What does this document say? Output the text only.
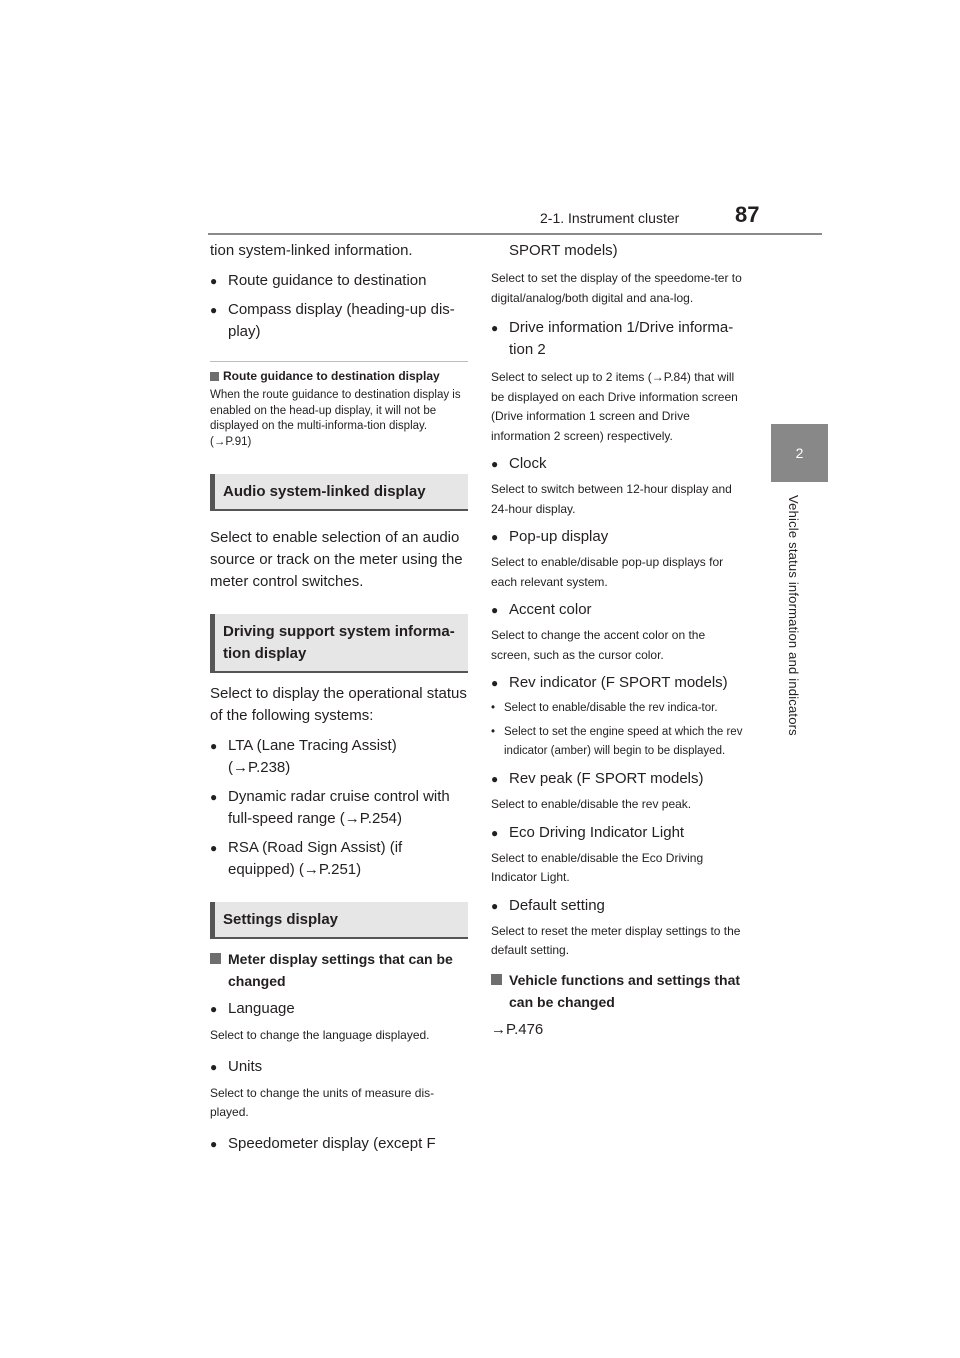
2-1. Instrument cluster	87
2
Vehicle status information and indicators

tion system-linked information.

● Route guidance to destination
● Compass display (heading-up dis-
play)
Route guidance to destination display

When the route guidance to destination display is enabled on the head-up display, it will not be displayed on the multi-informa-tion display. (→P.91)

Audio system-linked display

Select to enable selection of an audio source or track on the meter using the meter control switches.

Driving support system informa-
tion display

Select to display the operational status of the following systems:

● LTA (Lane Tracing Assist)
(→P.238)
● Dynamic radar cruise control with full-speed range (→P.254)
● RSA (Road Sign Assist) (if equipped) (→P.251)
Settings display
Meter display settings that can be changed
● Language

Select to change the language displayed.

● Units

Select to change the units of measure dis-played.

● Speedometer display (except F
SPORT models)

Select to set the display of the speedome-ter to digital/analog/both digital and ana-log.

● Drive information 1/Drive informa-tion 2

Select to select up to 2 items (→P.84) that will be displayed on each Drive information screen (Drive information 1 screen and Drive information 2 screen) respectively.

● Clock

Select to switch between 12-hour display and 24-hour display.

● Pop-up display

Select to enable/disable pop-up displays for each relevant system.

● Accent color

Select to change the accent color on the screen, such as the cursor color.

● Rev indicator (F SPORT models)
• Select to enable/disable the rev indica-tor.
• Select to set the engine speed at which the rev indicator (amber) will begin to be displayed.
● Rev peak (F SPORT models)

Select to enable/disable the rev peak.

● Eco Driving Indicator Light

Select to enable/disable the Eco Driving Indicator Light.

● Default setting

Select to reset the meter display settings to the default setting.

Vehicle functions and settings that can be changed

→P.476
